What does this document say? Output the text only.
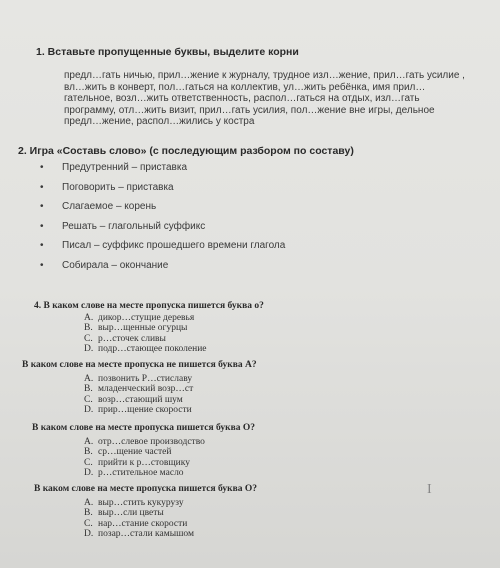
1. Вставьте пропущенные буквы, выделите корни

предл…гать ничью, прил…жение к журналу, трудное изл…жение, прил…гать усилие , вл…жить в конверт, пол…гаться на коллектив, ул…жить ребёнка, имя прил…гательное, возл…жить ответственность, распол…гаться на отдых, изл…гать программу, отл…жить визит, прил…гать усилия, пол…жение вне игры, дельное предл…жение, распол…жились у костра

2. Игра «Составь слово» (с последующим разбором по составу)
• Предутренний – приставка
• Поговорить – приставка
• Слагаемое – корень
• Решать – глагольный суффикс
• Писал – суффикс прошедшего времени глагола
• Собирала – окончание
4. В каком слове на месте пропуска пишется буква о?
A. дикор…стущие деревья
B. выр…щенные огурцы
C. р…сточек сливы
D. подр…стающее поколение
В каком слове на месте пропуска не пишется буква А?
A. позвонить Р…стиславу
B. младенческий возр…ст
C. возр…стающий шум
D. прир…щение скорости
В каком слове на месте пропуска пишется буква О?
A. отр…слевое производство
B. ср…щение частей
C. прийти к р…стовщику
D. р…стительное масло
В каком слове на месте пропуска пишется буква О?
A. выр…стить кукурузу
B. выр…сли цветы
C. нар…стание скорости
D. позар…стали камышом
I
